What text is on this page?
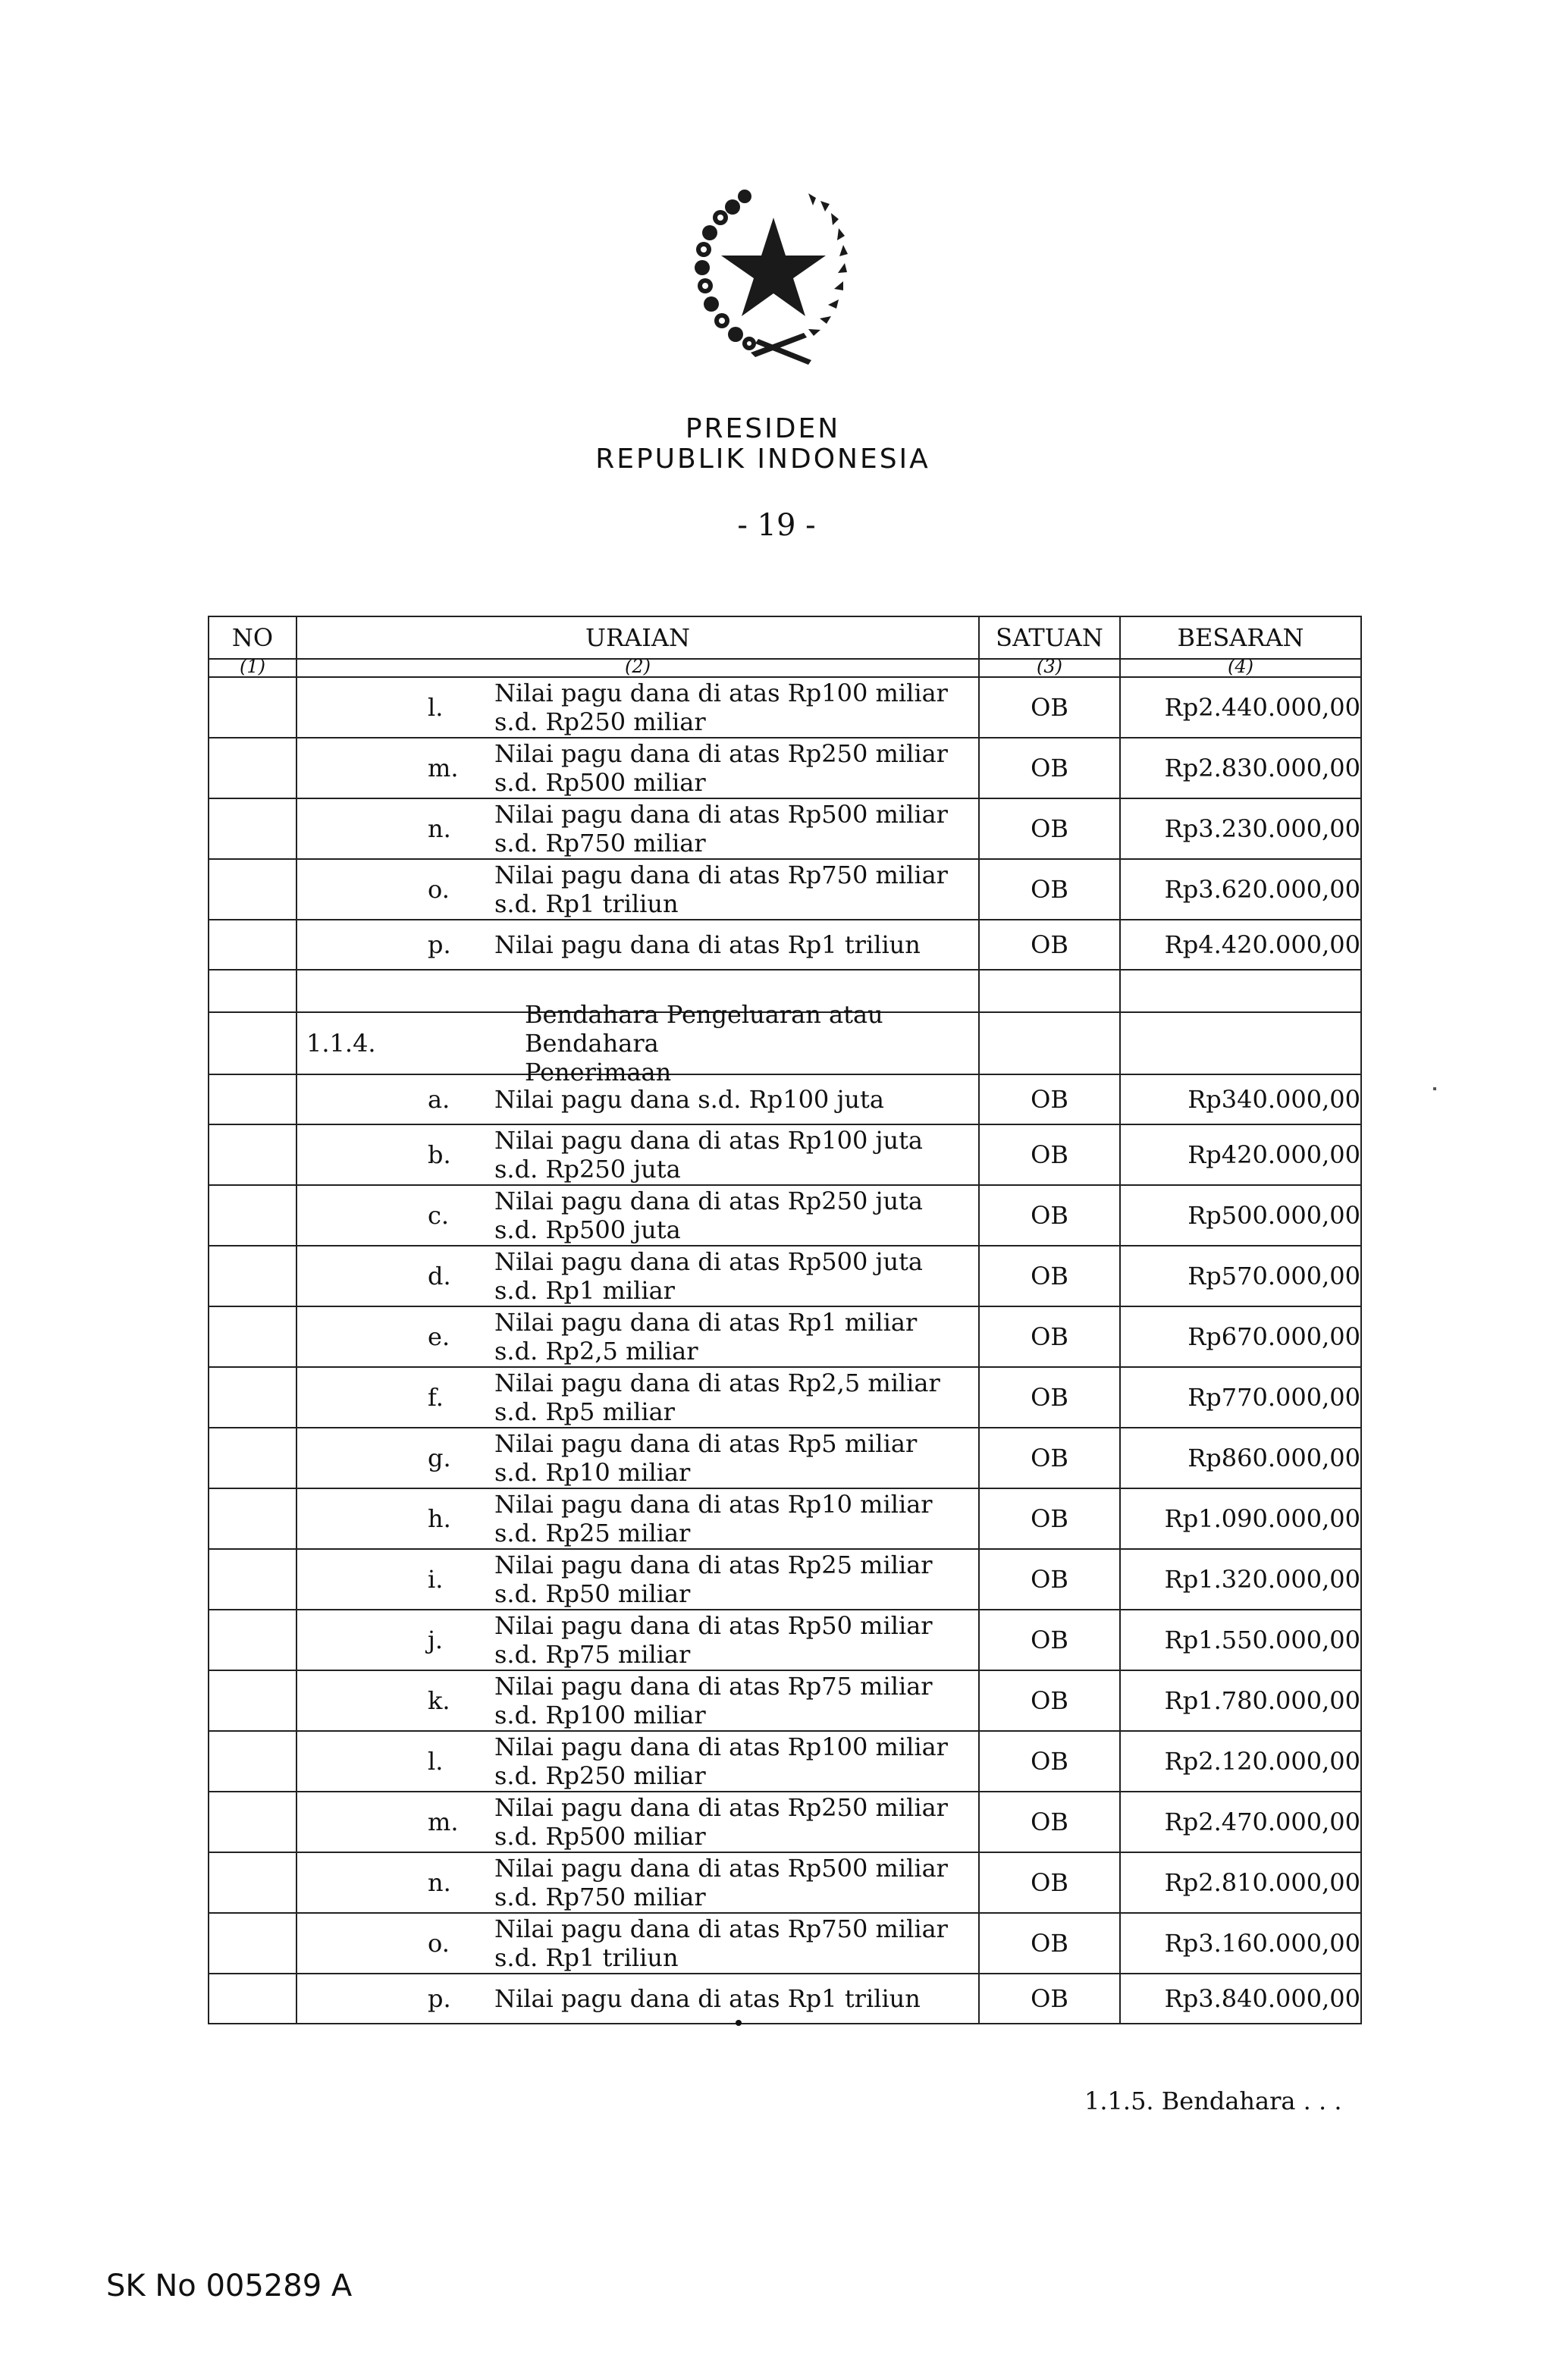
PRESIDEN
REPUBLIK INDONESIA
- 19 -
NO	URAIAN	SATUAN	BESARAN
(1)	(2)	(3)	(4)

	l. Nilai pagu dana di atas Rp100 miliar
s.d. Rp250 miliar	OB	Rp2.440.000,00

	m. Nilai pagu dana di atas Rp250 miliar
s.d. Rp500 miliar	OB	Rp2.830.000,00

	n. Nilai pagu dana di atas Rp500 miliar
s.d. Rp750 miliar	OB	Rp3.230.000,00

	o. Nilai pagu dana di atas Rp750 miliar
s.d. Rp1 triliun	OB	Rp3.620.000,00

	p. Nilai pagu dana di atas Rp1 triliun	OB	Rp4.420.000,00

	1.1.4.
Bendahara Pengeluaran atau Bendahara
Penerimaan		

	a. Nilai pagu dana s.d. Rp100 juta	OB	Rp340.000,00

	b. Nilai pagu dana di atas Rp100 juta
s.d. Rp250 juta	OB	Rp420.000,00

	c. Nilai pagu dana di atas Rp250 juta
s.d. Rp500 juta	OB	Rp500.000,00

	d. Nilai pagu dana di atas Rp500 juta
s.d. Rp1 miliar	OB	Rp570.000,00

	e. Nilai pagu dana di atas Rp1 miliar
s.d. Rp2,5 miliar	OB	Rp670.000,00

	f. Nilai pagu dana di atas Rp2,5 miliar
s.d. Rp5 miliar	OB	Rp770.000,00

	g. Nilai pagu dana di atas Rp5 miliar
s.d. Rp10 miliar	OB	Rp860.000,00

	h. Nilai pagu dana di atas Rp10 miliar
s.d. Rp25 miliar	OB	Rp1.090.000,00

	i. Nilai pagu dana di atas Rp25 miliar
s.d. Rp50 miliar	OB	Rp1.320.000,00

	j. Nilai pagu dana di atas Rp50 miliar
s.d. Rp75 miliar	OB	Rp1.550.000,00

	k. Nilai pagu dana di atas Rp75 miliar
s.d. Rp100 miliar	OB	Rp1.780.000,00

	l. Nilai pagu dana di atas Rp100 miliar
s.d. Rp250 miliar	OB	Rp2.120.000,00

	m. Nilai pagu dana di atas Rp250 miliar
s.d. Rp500 miliar	OB	Rp2.470.000,00

	n. Nilai pagu dana di atas Rp500 miliar
s.d. Rp750 miliar	OB	Rp2.810.000,00

	o. Nilai pagu dana di atas Rp750 miliar
s.d. Rp1 triliun	OB	Rp3.160.000,00

	p. Nilai pagu dana di atas Rp1 triliun	OB	Rp3.840.000,00
1.1.5. Bendahara . . .
SK No 005289 A
